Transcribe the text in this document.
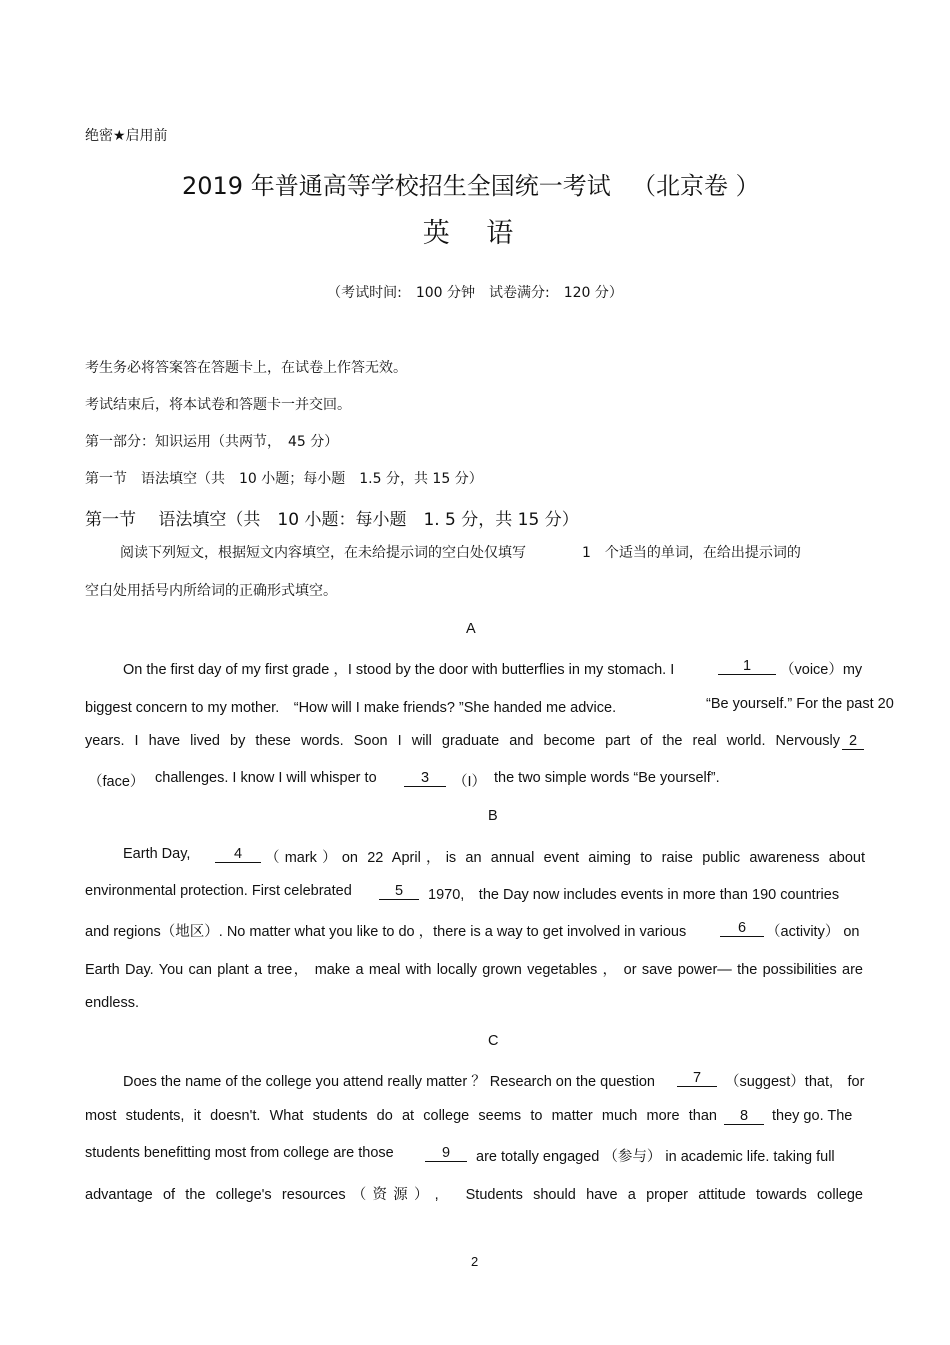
绝密★启用前
2019 年普通高等学校招生全国统一考试 （北京卷 ）
英 语
（考试时间:　100 分钟　试卷满分:　120 分）
考生务必将答案答在答题卡上，在试卷上作答无效。
考试结束后，将本试卷和答题卡一并交回。
第一部分：知识运用（共两节，　45 分）
第一节　语法填空（共　10 小题；每小题　1.5 分，共 15 分）
第一节　 语法填空（共　10 小题：每小题　1. 5 分，共 15 分）
阅读下列短文，根据短文内容填空，在未给提示词的空白处仅填写　　　　1　个适当的单词，在给出提示词的
空白处用括号内所给词的正确形式填空。
A
On the first day of my first grade ，I stood by the door with butterflies in my stomach. I	1	（voice）my
biggest concern to my mother.　“How will I make friends? ”She handed me advice.	“Be yourself.” For the past 20
years. I have lived by these words. Soon I will graduate and become part of the real world. Nervously 2
（face） challenges. I know I will whisper to	3	（I） the two simple words “Be yourself”.
B
Earth Day,	4	（mark）on 22 April，is an annual event aiming to raise public awareness about
environmental protection. First celebrated	5	1970,　the Day now includes events in more than 190 countries
and regions（地区）. No matter what you like to do ，there is a way to get involved in various	6	（activity） on
Earth Day. You can plant a tree， make a meal with locally grown vegetables ， or save power— the possibilities are
endless.
C
Does the name of the college you attend really matter ？ Research on the question	7	（suggest）that,　for
most students, it doesn't. What students do at college seems to matter much more than	8	they go. The
students benefitting most from college are those	9	are totally engaged （参与） in academic life. taking full
advantage of the college's resources（资源）,　Students should have a proper attitude towards college
2
